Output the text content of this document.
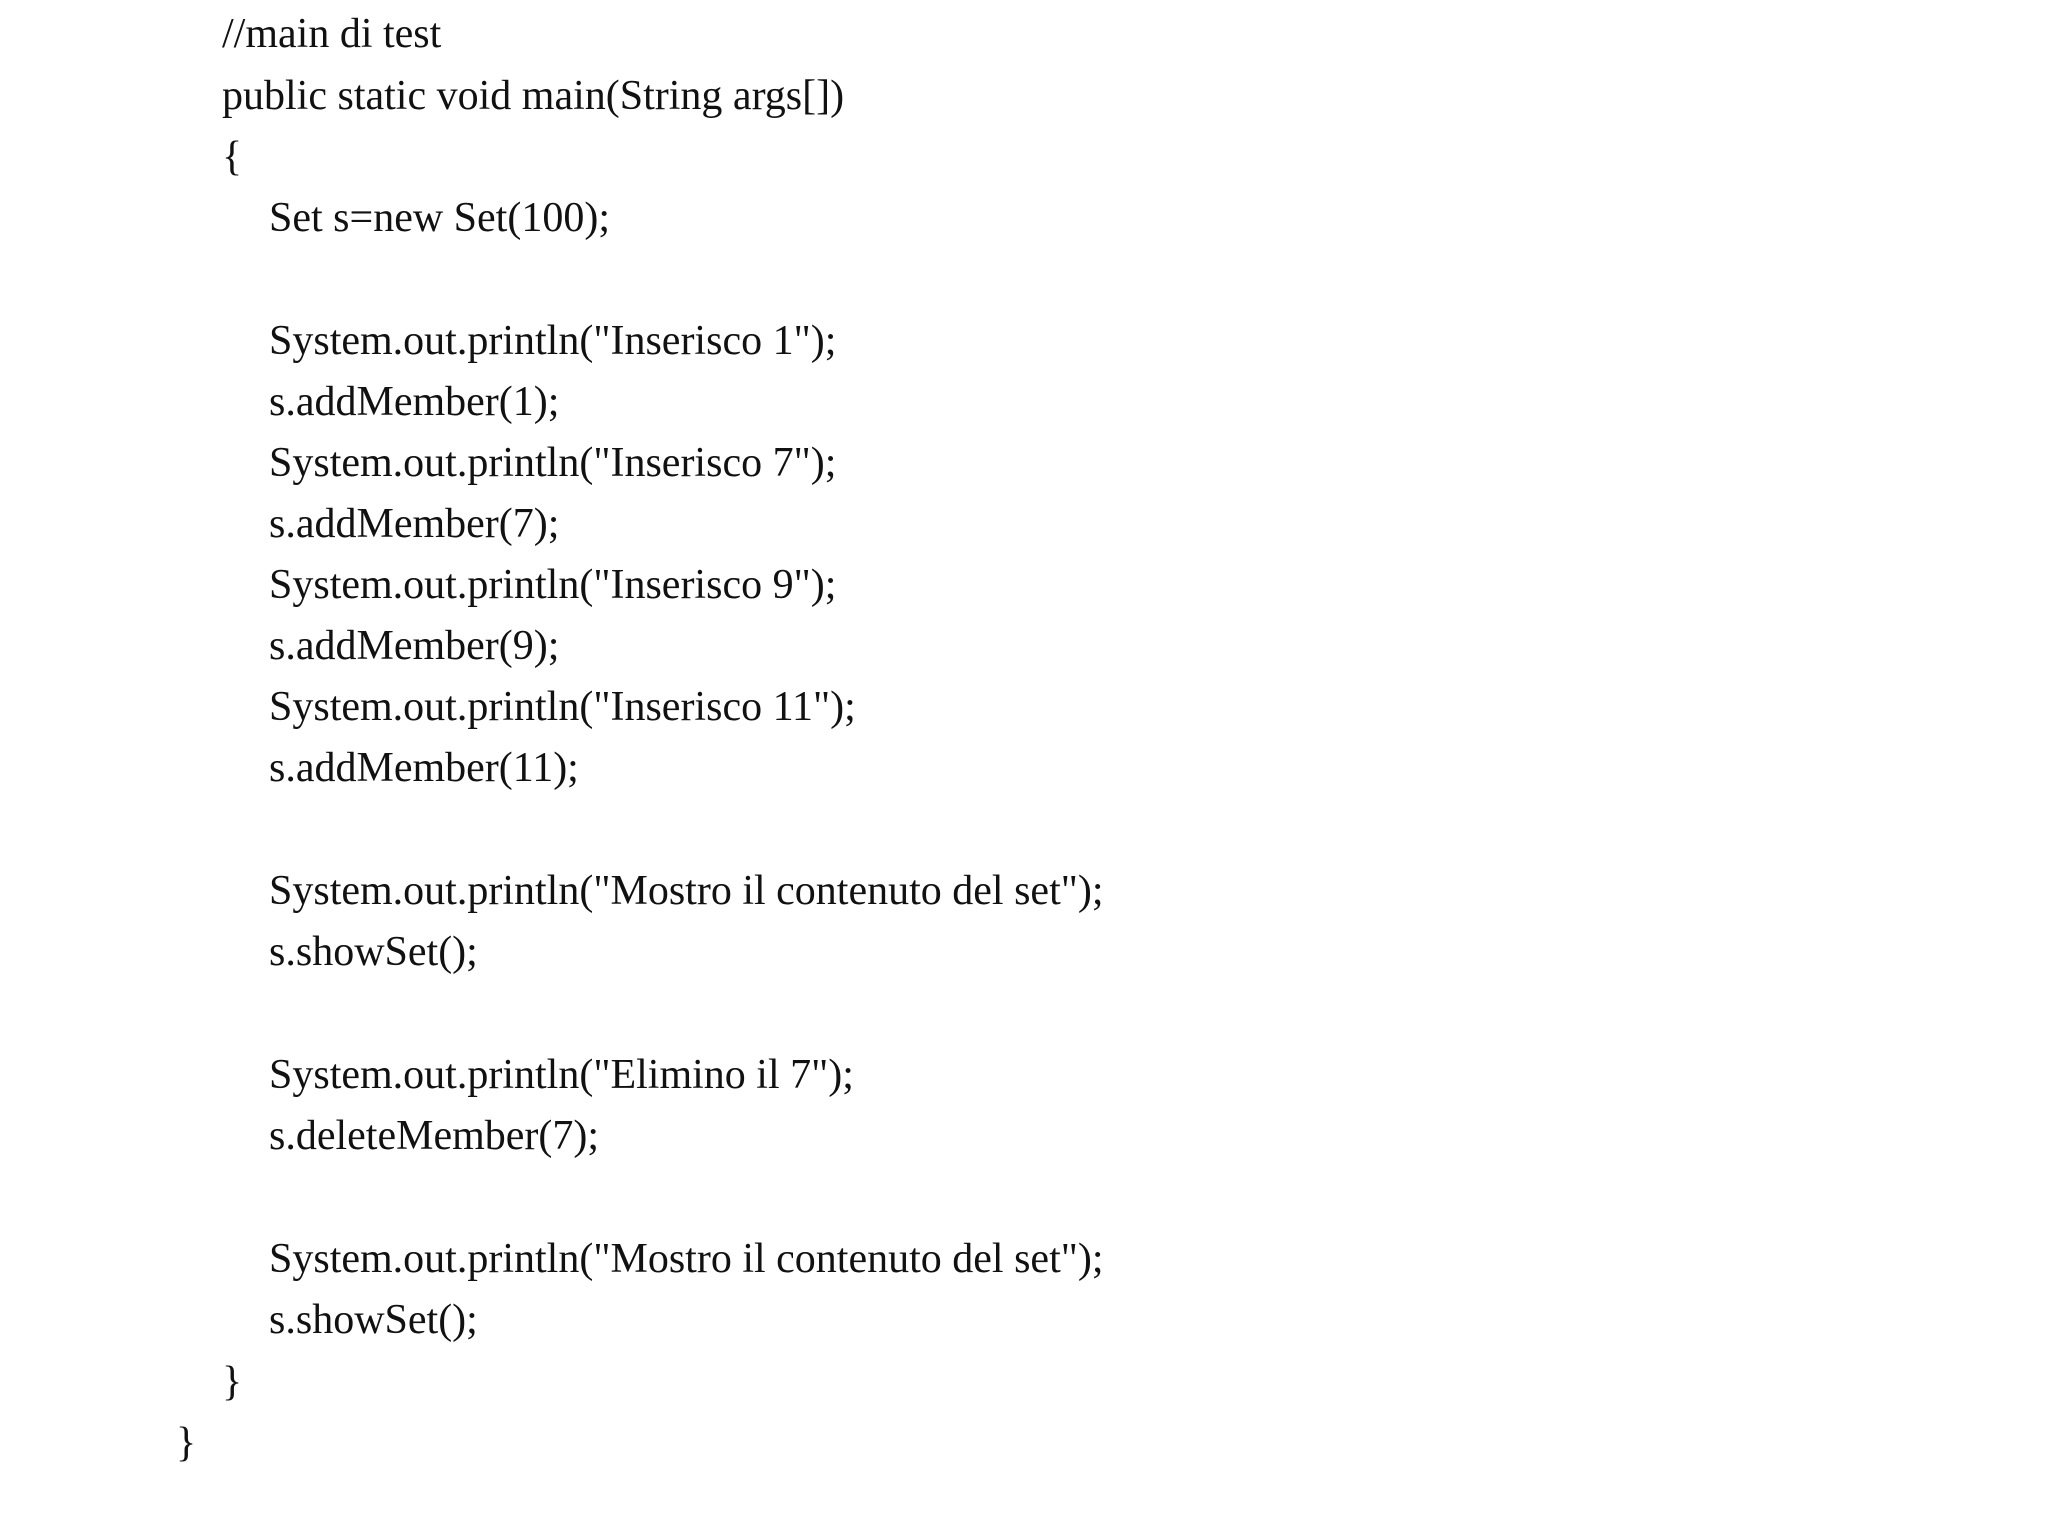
//main di test
public static void main(String args[])
{
Set s=new Set(100);
System.out.println("Inserisco 1");
s.addMember(1);
System.out.println("Inserisco 7");
s.addMember(7);
System.out.println("Inserisco 9");
s.addMember(9);
System.out.println("Inserisco 11");
s.addMember(11);
System.out.println("Mostro il contenuto del set");
s.showSet();
System.out.println("Elimino il 7");
s.deleteMember(7);
System.out.println("Mostro il contenuto del set");
s.showSet();
}
}
